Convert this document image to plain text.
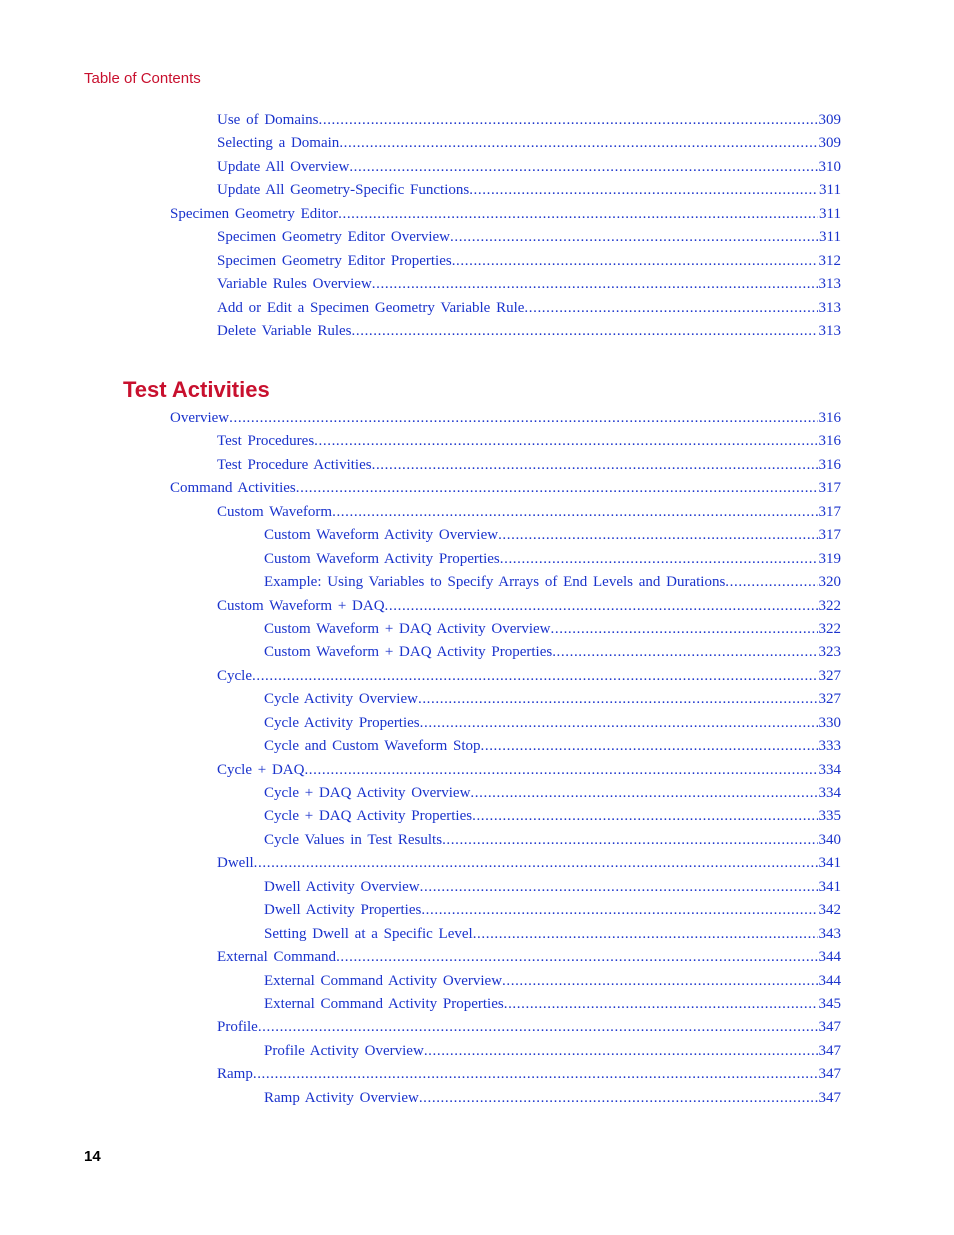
Table of Contents
Use of Domains .....	309
Selecting a Domain .....	309
Update All Overview .....	310
Update All Geometry-Specific Functions .....	311
Specimen Geometry Editor .....	311
Specimen Geometry Editor Overview .....	311
Specimen Geometry Editor Properties .....	312
Variable Rules Overview .....	313
Add or Edit a Specimen Geometry Variable Rule .....	313
Delete Variable Rules .....	313
Test Activities
Overview .....	316
Test Procedures .....	316
Test Procedure Activities .....	316
Command Activities .....	317
Custom Waveform .....	317
Custom Waveform Activity Overview .....	317
Custom Waveform Activity Properties .....	319
Example: Using Variables to Specify Arrays of End Levels and Durations .....	320
Custom Waveform + DAQ .....	322
Custom Waveform + DAQ Activity Overview .....	322
Custom Waveform + DAQ Activity Properties .....	323
Cycle .....	327
Cycle Activity Overview .....	327
Cycle Activity Properties .....	330
Cycle and Custom Waveform Stop .....	333
Cycle + DAQ .....	334
Cycle + DAQ Activity Overview .....	334
Cycle + DAQ Activity Properties .....	335
Cycle Values in Test Results .....	340
Dwell .....	341
Dwell Activity Overview .....	341
Dwell Activity Properties .....	342
Setting Dwell at a Specific Level .....	343
External Command .....	344
External Command Activity Overview .....	344
External Command Activity Properties .....	345
Profile .....	347
Profile Activity Overview .....	347
Ramp .....	347
Ramp Activity Overview .....	347
14
